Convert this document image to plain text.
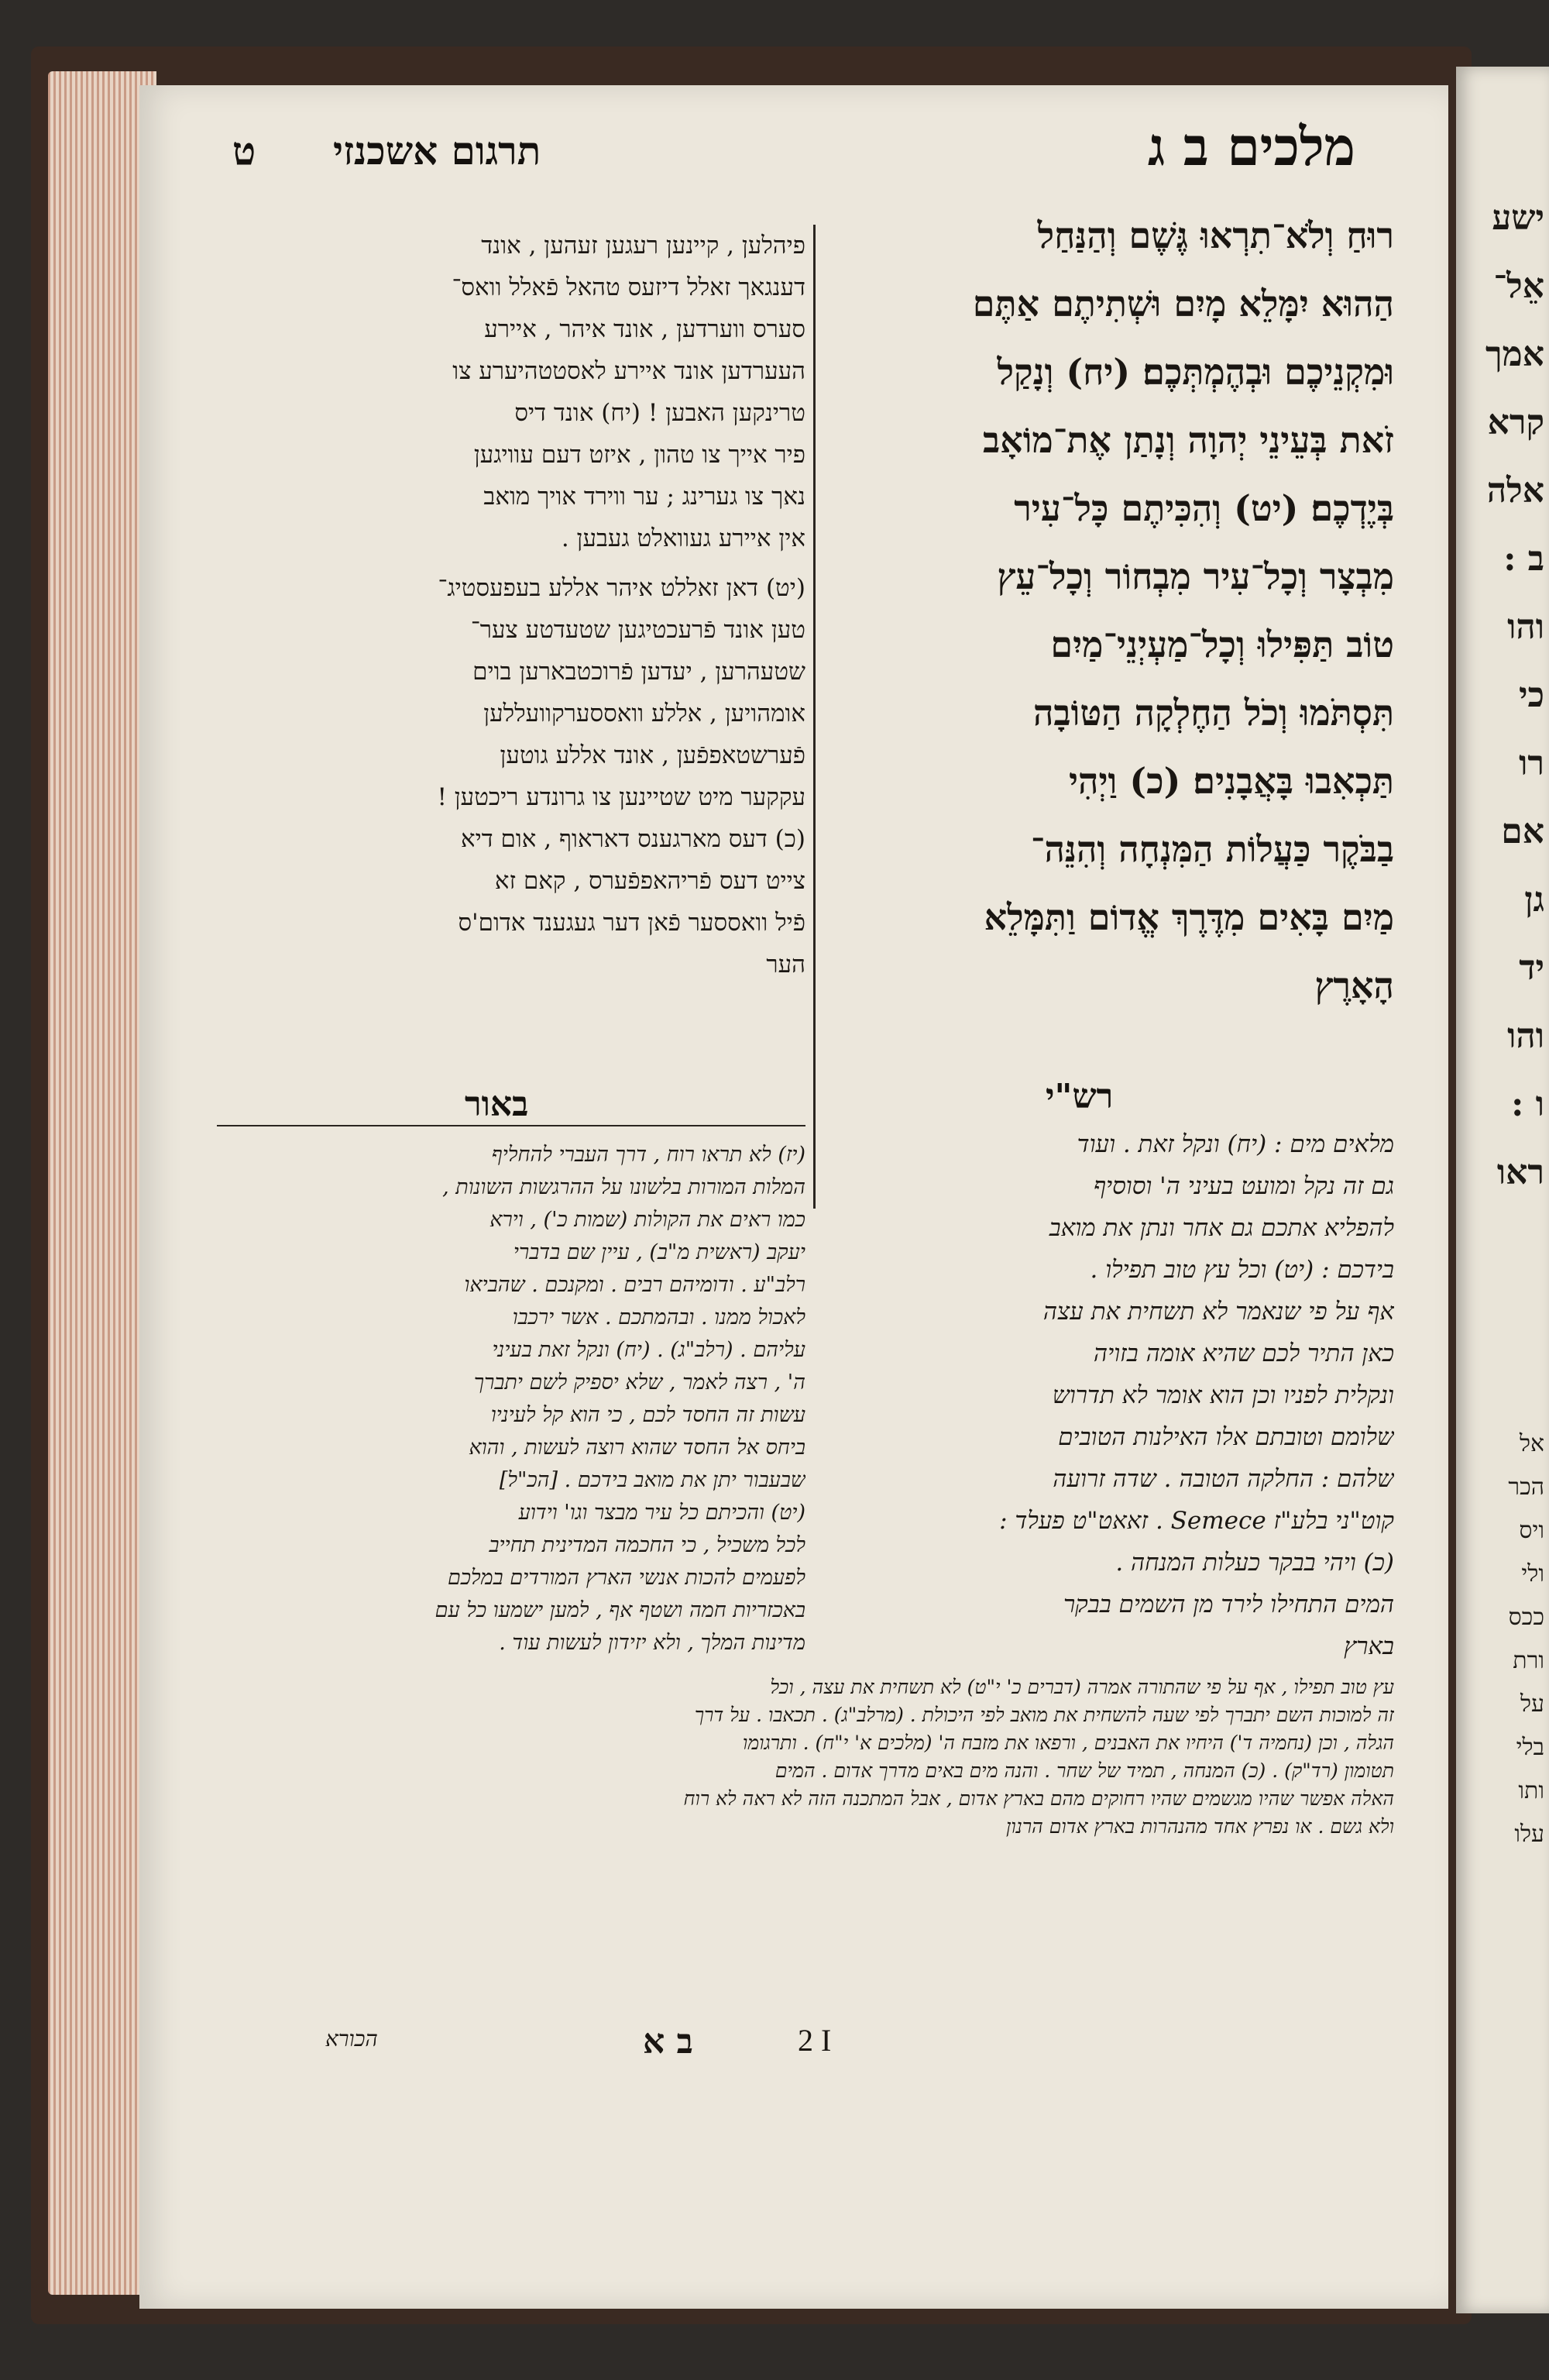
ישע
אֵל־
אמך
קרא
אלה
ב :
והו
כי
רו
אם
גן
יד
והו
ו :
ראו
אל
הכר
ויס
ולי
ככס
ורת
על
בלי
ותו
עלו
מלכים ב ג
תרגום אשכנזי
ט
רוּחַ וְלֹא־תִרְאוּ גֶּשֶׁם וְהַנַּחַל
הַהוּא יִמָּלֵא מָיִם וּשְׁתִיתֶם אַתֶּם
וּמִקְנֵיכֶם וּבְהֶמְתְּכֶם׃ (יח) וְנָקַל
זֹאת בְּעֵינֵי יְהוָה וְנָתַן אֶת־מוֹאָב
בְּיֶדְכֶם׃ (יט) וְהִכִּיתֶם כָּל־עִיר
מִבְצָר וְכָל־עִיר מִבְחוֹר וְכָל־עֵץ
טוֹב תַּפִּילוּ וְכָל־מַעְיְנֵי־מַיִם
תִּסְתֹּמוּ וְכֹל הַחֶלְקָה הַטּוֹבָה
תַּכְאִבוּ בָּאֲבָנִים׃ (כ) וַיְהִי
בַבֹּקֶר כַּעֲלוֹת הַמִּנְחָה וְהִנֵּה־
מַיִם בָּאִים מִדֶּרֶךְ אֱדוֹם וַתִּמָּלֵא
הָאָרֶץ
פיהלען , קיינען רעגען זעהען , אונד
דענגאך זאלל דיזעס טהאל פֿאלל וואס־
סערס ווערדען , אונד איהר , איירע
העערדען אונד איירע לאסטטהיערע צו
טרינקען האבען ! (יח) אונד דיס
פיר אייך צו טהון , איזט דעם עוויגען
נאך צו גערינג ; ער ווירד אויך מואב
אין איירע געוואלט געבען .
(יט) דאן זאללט איהר אללע בעפעסטיג־
טען אונד פֿרעכטיגען שטעדטע צער־
שטעהרען , יעדען פֿרוכטבארען בוים
אומהויען , אללע וואססערקוועללען
פֿערשטאפפֿען , אונד אללע גוטען
עקקער מיט שטיינען צו גרונדע ריכטען !
(כ) דעס מארגענס דאראוף , אום דיא
צייט דעס פֿריהאפפֿערס , קאם זא
פֿיל וואססער פֿאן דער געגענד אדום'ס
הער
באור	רש"י
(יז) לא תראו רוח , דרך העברי להחליף
המלות המורות בלשונו על ההרגשות השונות ,
כמו ראים את הקולות (שמות כ') , וירא
יעקב (ראשית מ"ב) , עיין שם בדברי
רלב"ע . ודומיהם רבים . ומקנכם . שהביאו
לאכול ממנו . ובהמתכם . אשר ירכבו
עליהם . (רלב"ג) . (יח) ונקל זאת בעיני
ה' , רצה לאמר , שלא יספיק לשם יתברך
עשות זה החסד לכם , כי הוא קל לעיניו
ביחס אל החסד שהוא רוצה לעשות , והוא
שבעבור יתן את מואב בידכם . [הכ"ל]
(יט) והכיתם כל עיר מבצר וגו' וידוע
לכל משכיל , כי החכמה המדינית תחייב
לפעמים להכות אנשי הארץ המורדים במלכם
באכזריות חמה ושטף אף , למען ישמעו כל עם
מדינות המלך , ולא יזידון לעשות עוד .
מלאים מים : (יח) ונקל זאת . ועוד
גם זה נקל ומועט בעיני ה' וסוסיף
להפליא אתכם גם אחר ונתן את מואב
בידכם : (יט) וכל עץ טוב תפילו .
אף על פי שנאמר לא תשחית את עצה
כאן התיר לכם שהיא אומה בזויה
ונקלית לפניו וכן הוא אומר לא תדרוש
שלומם וטובתם אלו האילנות הטובים
שלהם : החלקה הטובה . שדה זרועה
קוט"ני בלע"ז Semece . זאאט"ט פעלד :
(כ) ויהי בבקר כעלות המנחה .
המים התחילו לירד מן השמים בבקר
בארץ
עץ טוב תפילו , אף על פי שהתורה אמרה (דברים כ' י"ט) לא תשחית את עצה , וכל
זה למוכות השם יתברך לפי שעה להשחית את מואב לפי היכולת . (מרלב"ג) . תכאבו . על דרך
הגלה , וכן (נחמיה ד') היחיו את האבנים , ורפאו את מזבח ה' (מלכים א' י"ח) . ותרגומו
תטומון (רד"ק) . (כ) המנחה , תמיד של שחר . והנה מים באים מדרך אדום . המים
האלה אפשר שהיו מגשמים שהיו רחוקים מהם בארץ אדום , אבל המתכנה הזה לא ראה לא רוח
ולא גשם . או נפרץ אחד מהנהרות בארץ אדום הרנון
ב א	2 I
הכורא
